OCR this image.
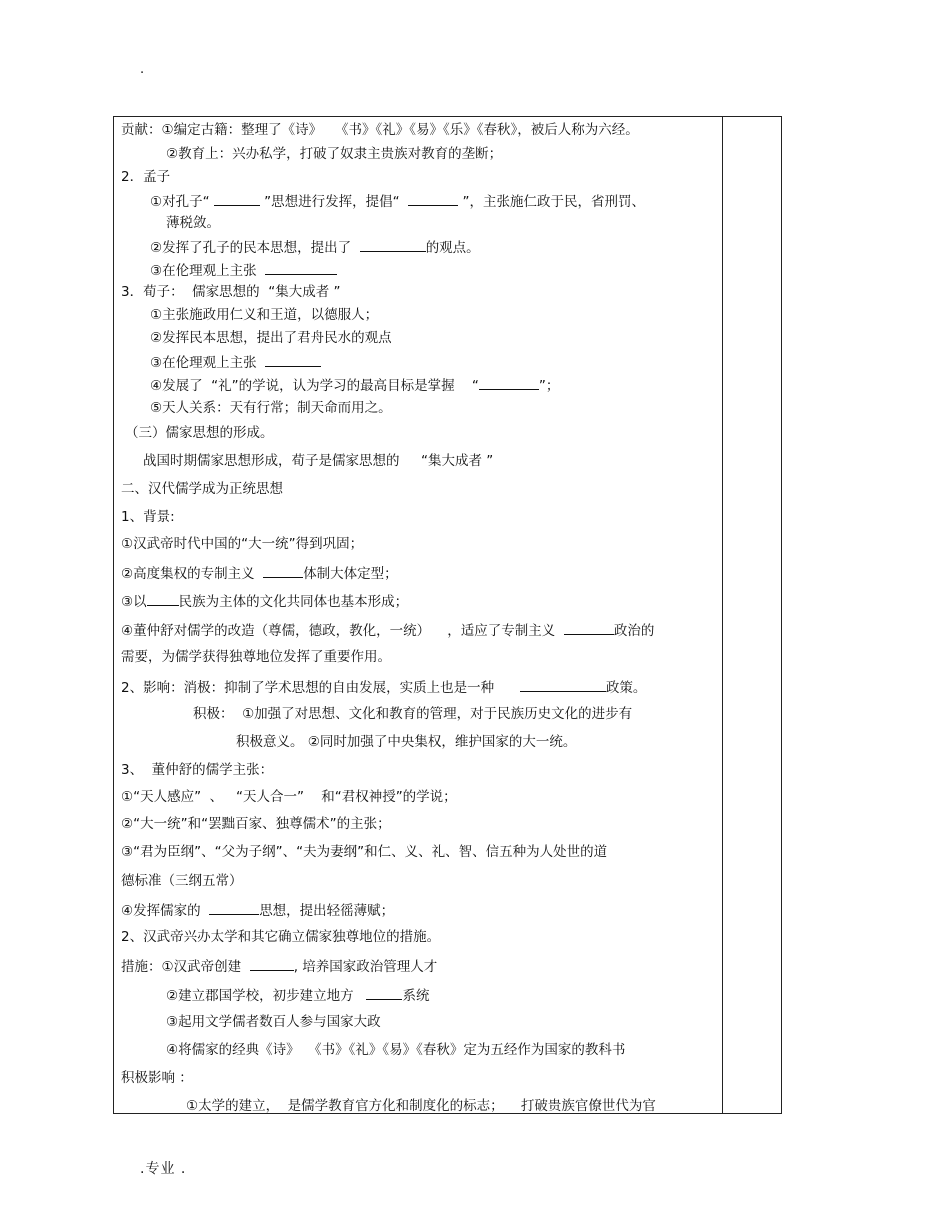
.
贡献：①编定古籍：整理了《诗》   《书》《礼》《易》《乐》《春秋》，被后人称为六经。
②教育上：兴办私学，打破了奴隶主贵族对教育的垄断；
2．孟子
①对孔子“	”思想进行发挥，提倡“	”，主张施仁政于民，省刑罚、
薄税敛。
②发挥了孔子的民本思想，提出了	的观点。
③在伦理观上主张
3．荀子：  儒家思想的  “集大成者 ”
①主张施政用仁义和王道，以德服人；
②发挥民本思想，提出了君舟民水的观点
③在伦理观上主张
④发展了  “礼”的学说，认为学习的最高目标是掌握    “	”；
⑤天人关系：天有行常；制天命而用之。
（三）儒家思想的形成。
战国时期儒家思想形成，荀子是儒家思想的     “集大成者 ”
二、汉代儒学成为正统思想
1、背景:
①汉武帝时代中国的“大一统”得到巩固；
②高度集权的专制主义	体制大体定型；
③以 民族为主体的文化共同体也基本形成；
④董仲舒对儒学的改造（尊儒，德政，教化，一统）    ，适应了专制主义	政治的
需要，为儒学获得独尊地位发挥了重要作用。
2、影响：消极：抑制了学术思想的自由发展，实质上也是一种	政策。
积极：  ①加强了对思想、文化和教育的管理，对于民族历史文化的进步有
积极意义。 ②同时加强了中央集权，维护国家的大一统。
3、  董仲舒的儒学主张：
①“天人感应”  、   “天人合一”    和“君权神授”的学说；
②“大一统”和“罢黜百家、独尊儒术”的主张；
③“君为臣纲”、“父为子纲”、“夫为妻纲”和仁、义、礼、智、信五种为人处世的道
德标准（三纲五常）
④发挥儒家的	思想，提出轻徭薄赋；
2、汉武帝兴办太学和其它确立儒家独尊地位的措施。
措施：①汉武帝创建	, 培养国家政治管理人才
②建立郡国学校，初步建立地方	系统
③起用文学儒者数百人参与国家大政
④将儒家的经典《诗》  《书》《礼》《易》《春秋》定为五经作为国家的教科书
积极影响 ：
①太学的建立，  是儒学教育官方化和制度化的标志；    打破贵族官僚世代为官
.专业 .
